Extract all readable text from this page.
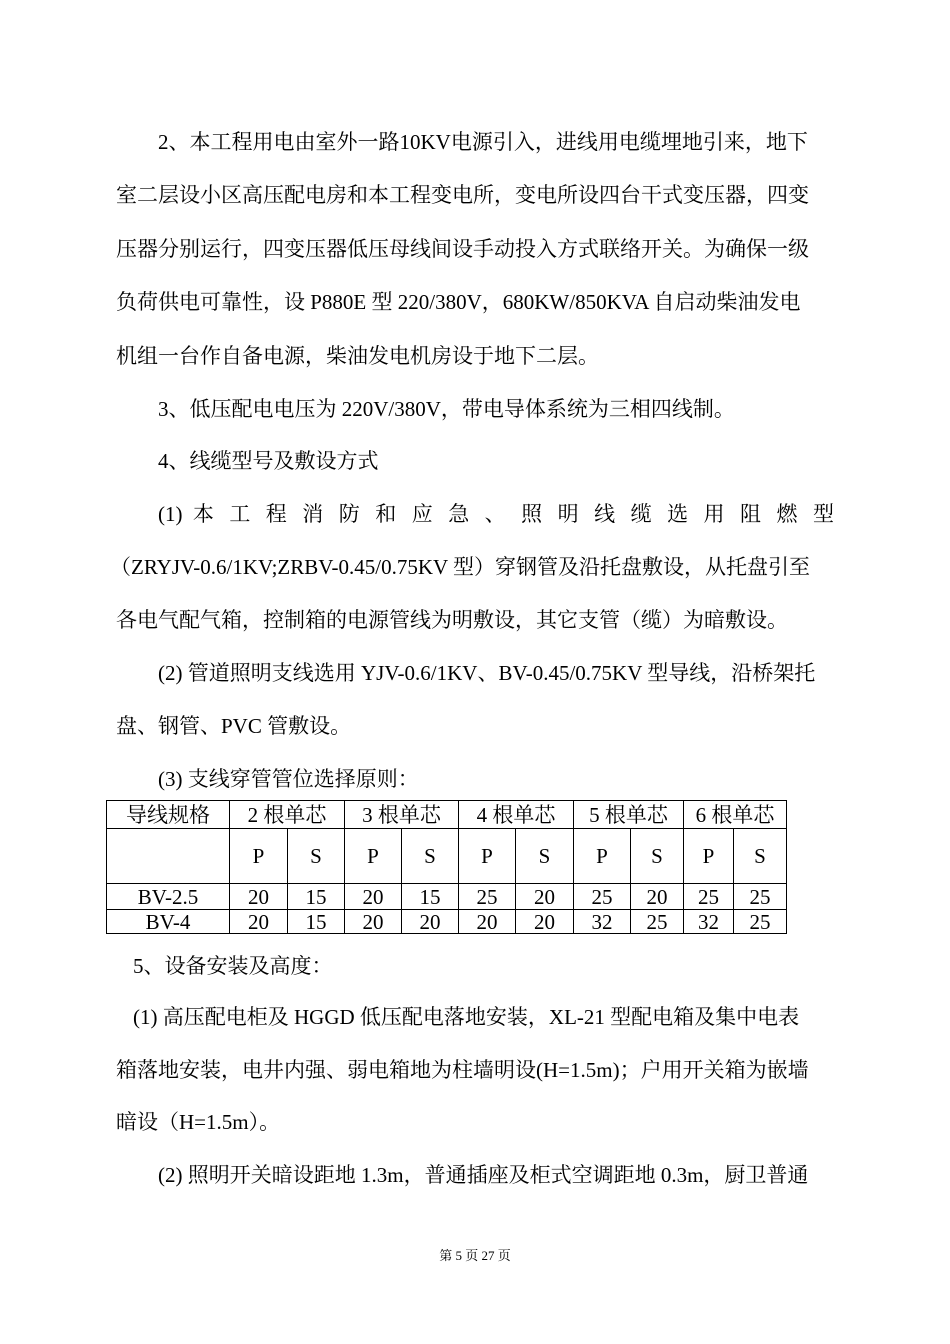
2、本工程用电由室外一路10KV电源引入，进线用电缆埋地引来，地下
室二层设小区高压配电房和本工程变电所，变电所设四台干式变压器，四变
压器分别运行，四变压器低压母线间设手动投入方式联络开关。为确保一级
负荷供电可靠性，设 P880E 型 220/380V，680KW/850KVA 自启动柴油发电
机组一台作自备电源，柴油发电机房设于地下二层。
3、低压配电电压为 220V/380V，带电导体系统为三相四线制。
4、线缆型号及敷设方式
(1) 本 工 程 消 防 和 应 急 、 照 明 线 缆 选 用 阻 燃 型
（ZRYJV-0.6/1KV;ZRBV-0.45/0.75KV 型）穿钢管及沿托盘敷设，从托盘引至
各电气配气箱，控制箱的电源管线为明敷设，其它支管（缆）为暗敷设。
(2) 管道照明支线选用 YJV-0.6/1KV、BV-0.45/0.75KV 型导线，沿桥架托
盘、钢管、PVC 管敷设。
(3) 支线穿管管位选择原则：
导线规格	2 根单芯		3 根单芯		4 根单芯		5 根单芯		6 根单芯	
	P	S	P	S	P	S	P	S	P	S
BV-2.5	20	15	20	15	25	20	25	20	25	25
BV-4	20	15	20	20	20	20	32	25	32	25
5、设备安装及高度：
(1) 高压配电柜及 HGGD 低压配电落地安装，XL-21 型配电箱及集中电表
箱落地安装，电井内强、弱电箱地为柱墙明设(H=1.5m)；户用开关箱为嵌墙
暗设（H=1.5m）。
(2) 照明开关暗设距地 1.3m，普通插座及柜式空调距地 0.3m，厨卫普通
第 5 页 27 页
